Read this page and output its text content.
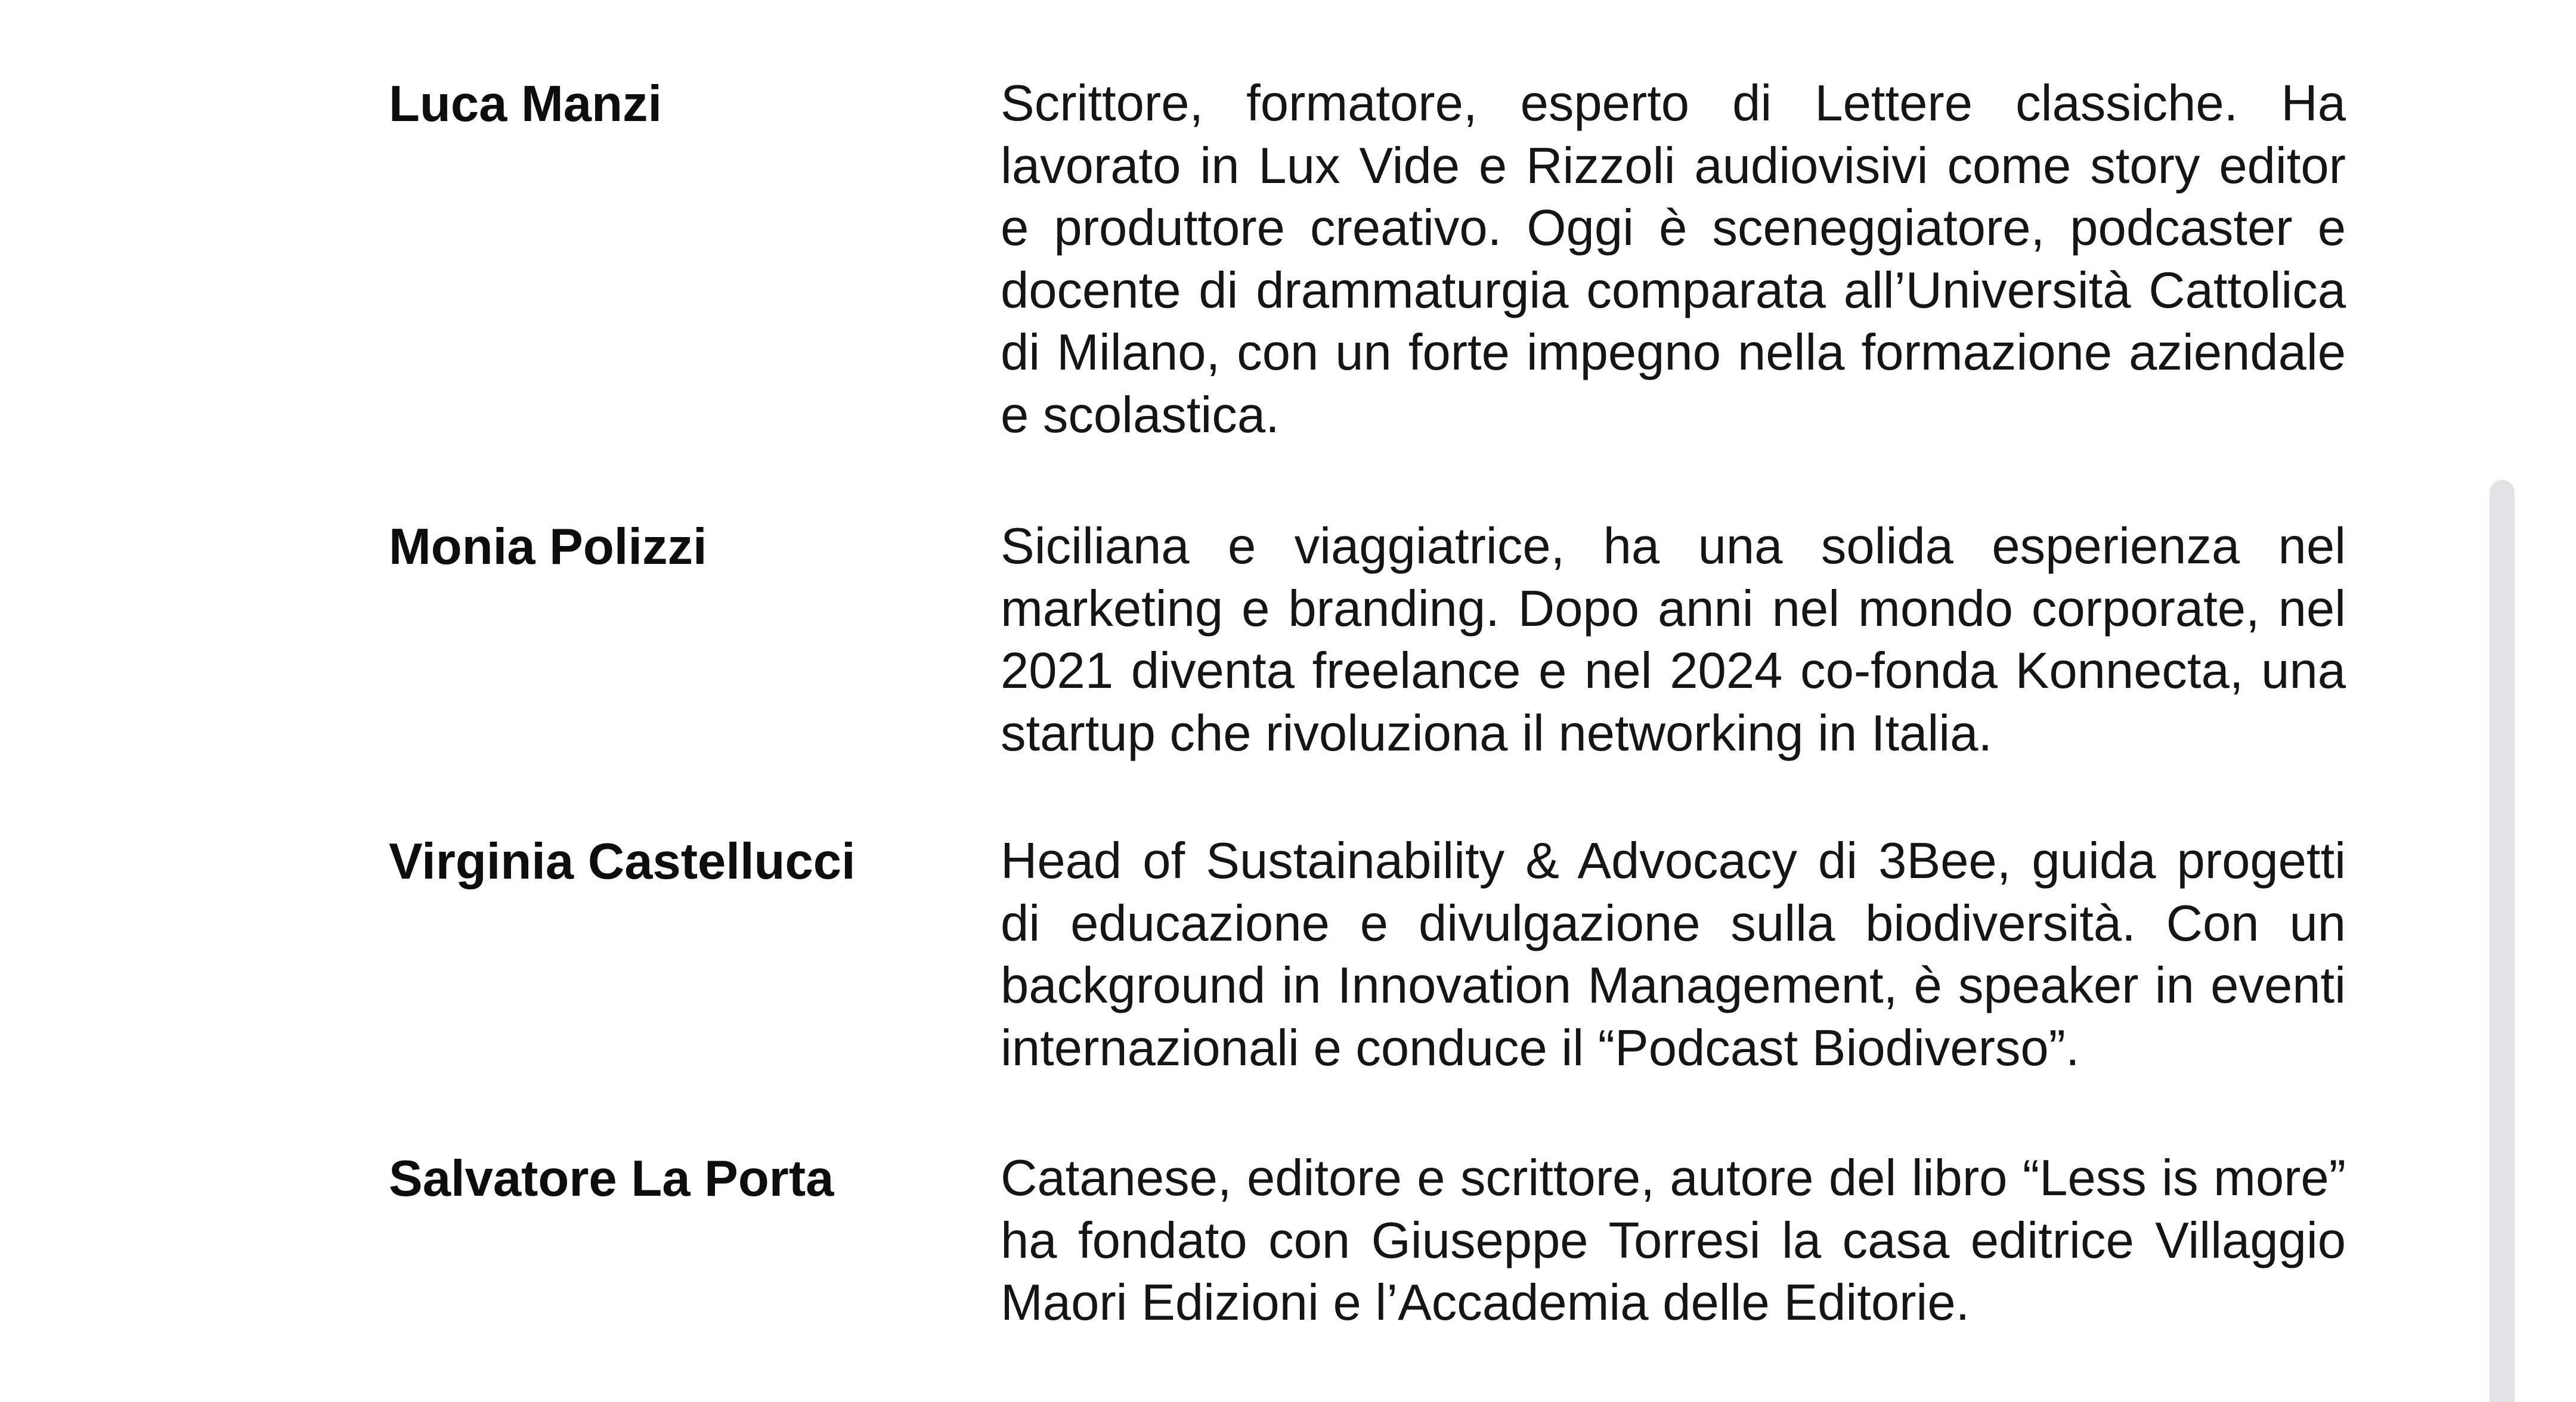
Luca Manzi	Scrittore, formatore, esperto di Lettere classiche. Ha
lavorato in Lux Vide e Rizzoli audiovisivi come story editor
e produttore creativo. Oggi è sceneggiatore, podcaster e
docente di drammaturgia comparata all’Università Cattolica
di Milano, con un forte impegno nella formazione aziendale
e scolastica.
Monia Polizzi	Siciliana e viaggiatrice, ha una solida esperienza nel
marketing e branding. Dopo anni nel mondo corporate, nel
2021 diventa freelance e nel 2024 co-fonda Konnecta, una
startup che rivoluziona il networking in Italia.
Virginia Castellucci	Head of Sustainability & Advocacy di 3Bee, guida progetti
di educazione e divulgazione sulla biodiversità. Con un
background in Innovation Management, è speaker in eventi
internazionali e conduce il “Podcast Biodiverso”.
Salvatore La Porta	Catanese, editore e scrittore, autore del libro “Less is more”
ha fondato con Giuseppe Torresi la casa editrice Villaggio
Maori Edizioni e l’Accademia delle Editorie.
